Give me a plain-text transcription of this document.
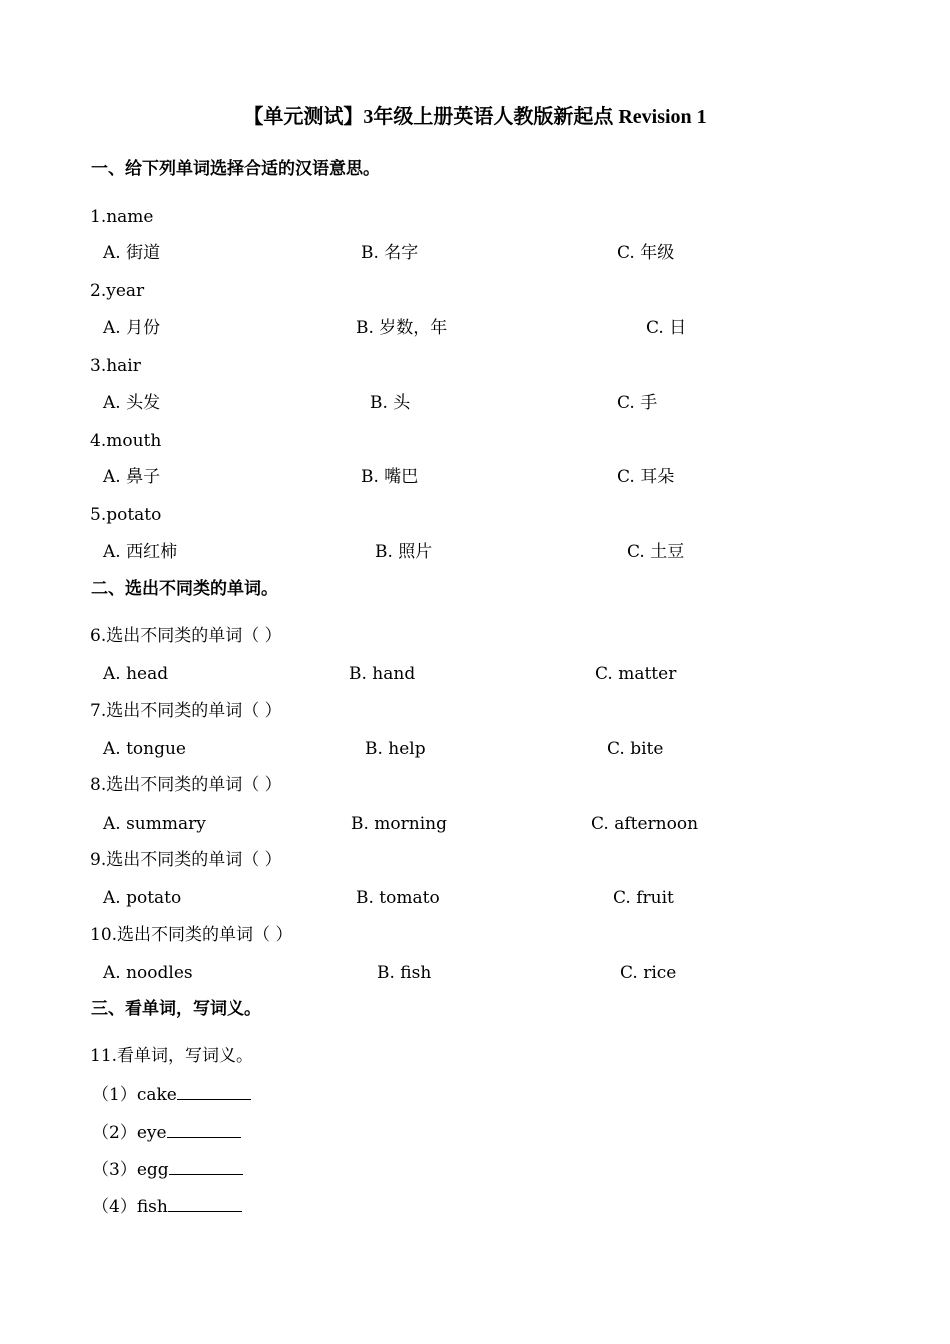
【单元测试】3年级上册英语人教版新起点 Revision 1
一、给下列单词选择合适的汉语意思。
1.name
A. 街道	B. 名字	C. 年级
2.year
A. 月份	B. 岁数，年	C. 日
3.hair
A. 头发	B. 头	C. 手
4.mouth
A. 鼻子	B. 嘴巴	C. 耳朵
5.potato
A. 西红柿	B. 照片	C. 土豆
二、选出不同类的单词。
6.选出不同类的单词（ ）
A. head	B. hand	C. matter
7.选出不同类的单词（ ）
A. tongue	B. help	C. bite
8.选出不同类的单词（ ）
A. summary	B. morning	C. afternoon
9.选出不同类的单词（ ）
A. potato	B. tomato	C. fruit
10.选出不同类的单词（ ）
A. noodles	B. fish	C. rice
三、看单词，写词义。
11.看单词，写词义。
（1）cake
（2）eye
（3）egg
（4）fish
